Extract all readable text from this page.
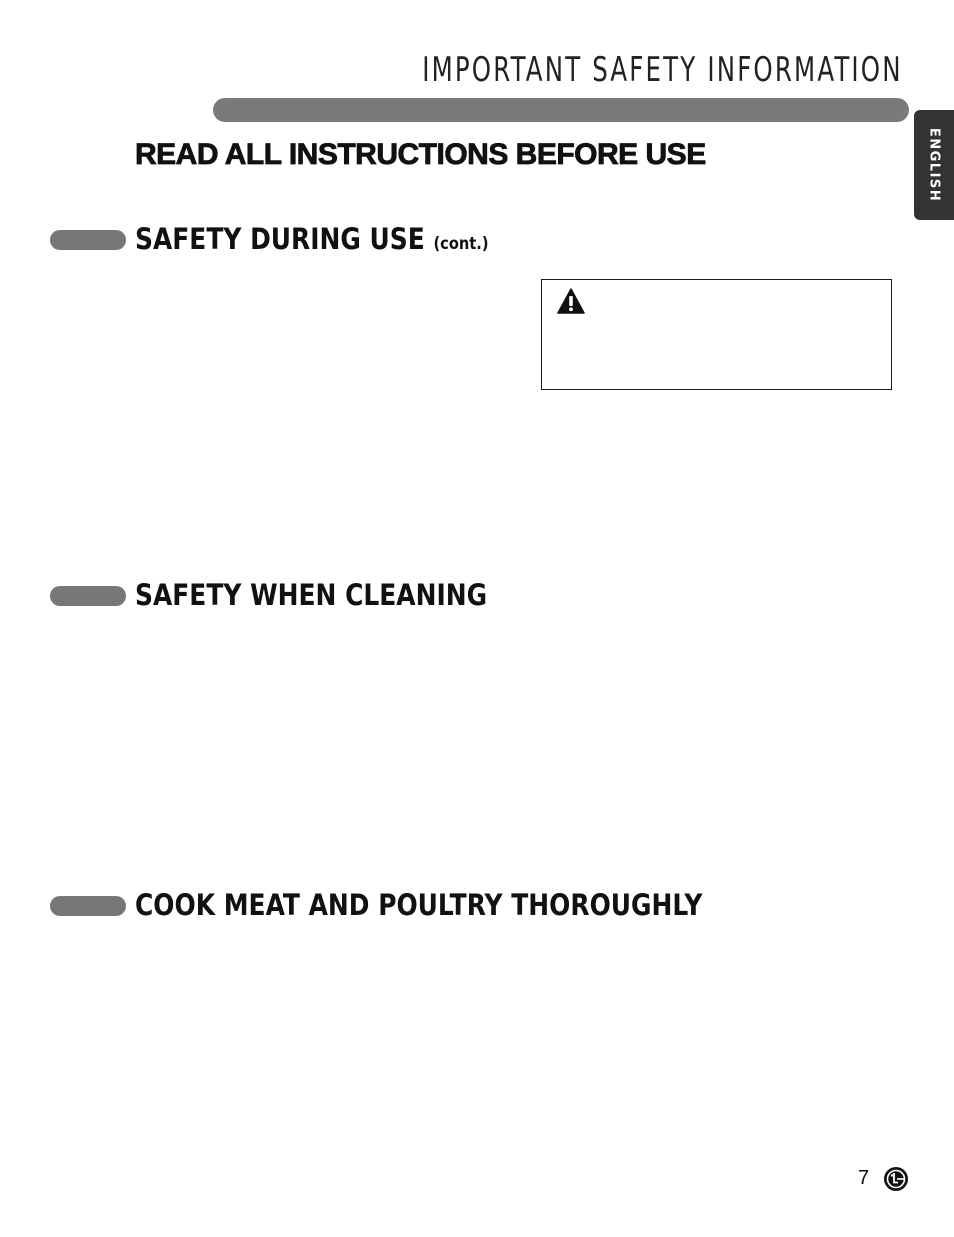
IMPORTANT SAFETY INFORMATION
ENGLISH
READ ALL INSTRUCTIONS BEFORE USE
SAFETY DURING USE (cont.)
SAFETY WHEN CLEANING
COOK MEAT AND POULTRY THOROUGHLY
7
